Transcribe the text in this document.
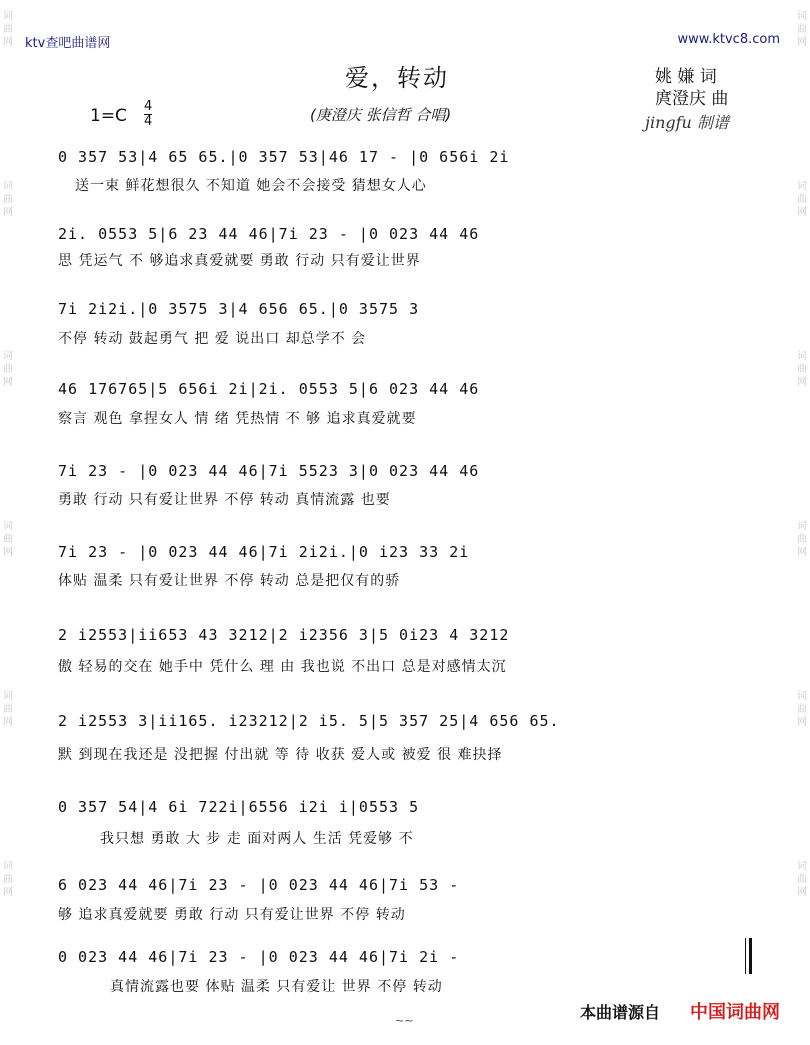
ktv查吧曲谱网	www.ktvc8.com
爱，转动	姚 嫌 词
庹澄庆 曲
jingfu 制谱
1=C 4
4	(庚澄庆 张信哲 合唱)
0 357 53|4 65 65.|0 357 53|46 17 - |0 656i 2i
送一束 鲜花想很久 不知道 她会不会接受 猜想女人心
2i. 0553 5|6 23 44 46|7i 23 - |0 023 44 46
思 凭运气 不 够追求真爱就要 勇敢 行动 只有爱让世界
7i 2i2i.|0 3575 3|4 656 65.|0 3575 3
不停 转动 鼓起勇气 把 爱 说出口 却总学不 会
46 176765|5 656i 2i|2i. 0553 5|6 023 44 46
察言 观色 拿捏女人 情 绪 凭热情 不 够 追求真爱就要
7i 23 - |0 023 44 46|7i 5523 3|0 023 44 46
勇敢 行动 只有爱让世界 不停 转动 真情流露 也要
7i 23 - |0 023 44 46|7i 2i2i.|0 i23 33 2i
体贴 温柔 只有爱让世界 不停 转动 总是把仅有的骄
2 i2553|ii653 43 3212|2 i2356 3|5 0i23 4 3212
傲 轻易的交在 她手中 凭什么 理 由 我也说 不出口 总是对感情太沉
2 i2553 3|ii165. i23212|2 i5. 5|5 357 25|4 656 65.
默 到现在我还是 没把握 付出就 等 待 收获 爱人或 被爱 很 难抉择
0 357 54|4 6i 722i|6556 i2i i|0553 5
我只想 勇敢 大 步 走 面对两人 生活 凭爱够 不
6 023 44 46|7i 23 - |0 023 44 46|7i 53 -
够 追求真爱就要 勇敢 行动 只有爱让世界 不停 转动
0 023 44 46|7i 23 - |0 023 44 46|7i 2i -
真情流露也要 体贴 温柔 只有爱让 世界 不停 转动
词
曲
网
词
曲
网
词
曲
网
词
曲
网
词
曲
网
词
曲
网
词
曲
网
词
曲
网
词
曲
网
词
曲
网
词
曲
网
词
曲
网
~~	本曲谱源自 中国词曲网
